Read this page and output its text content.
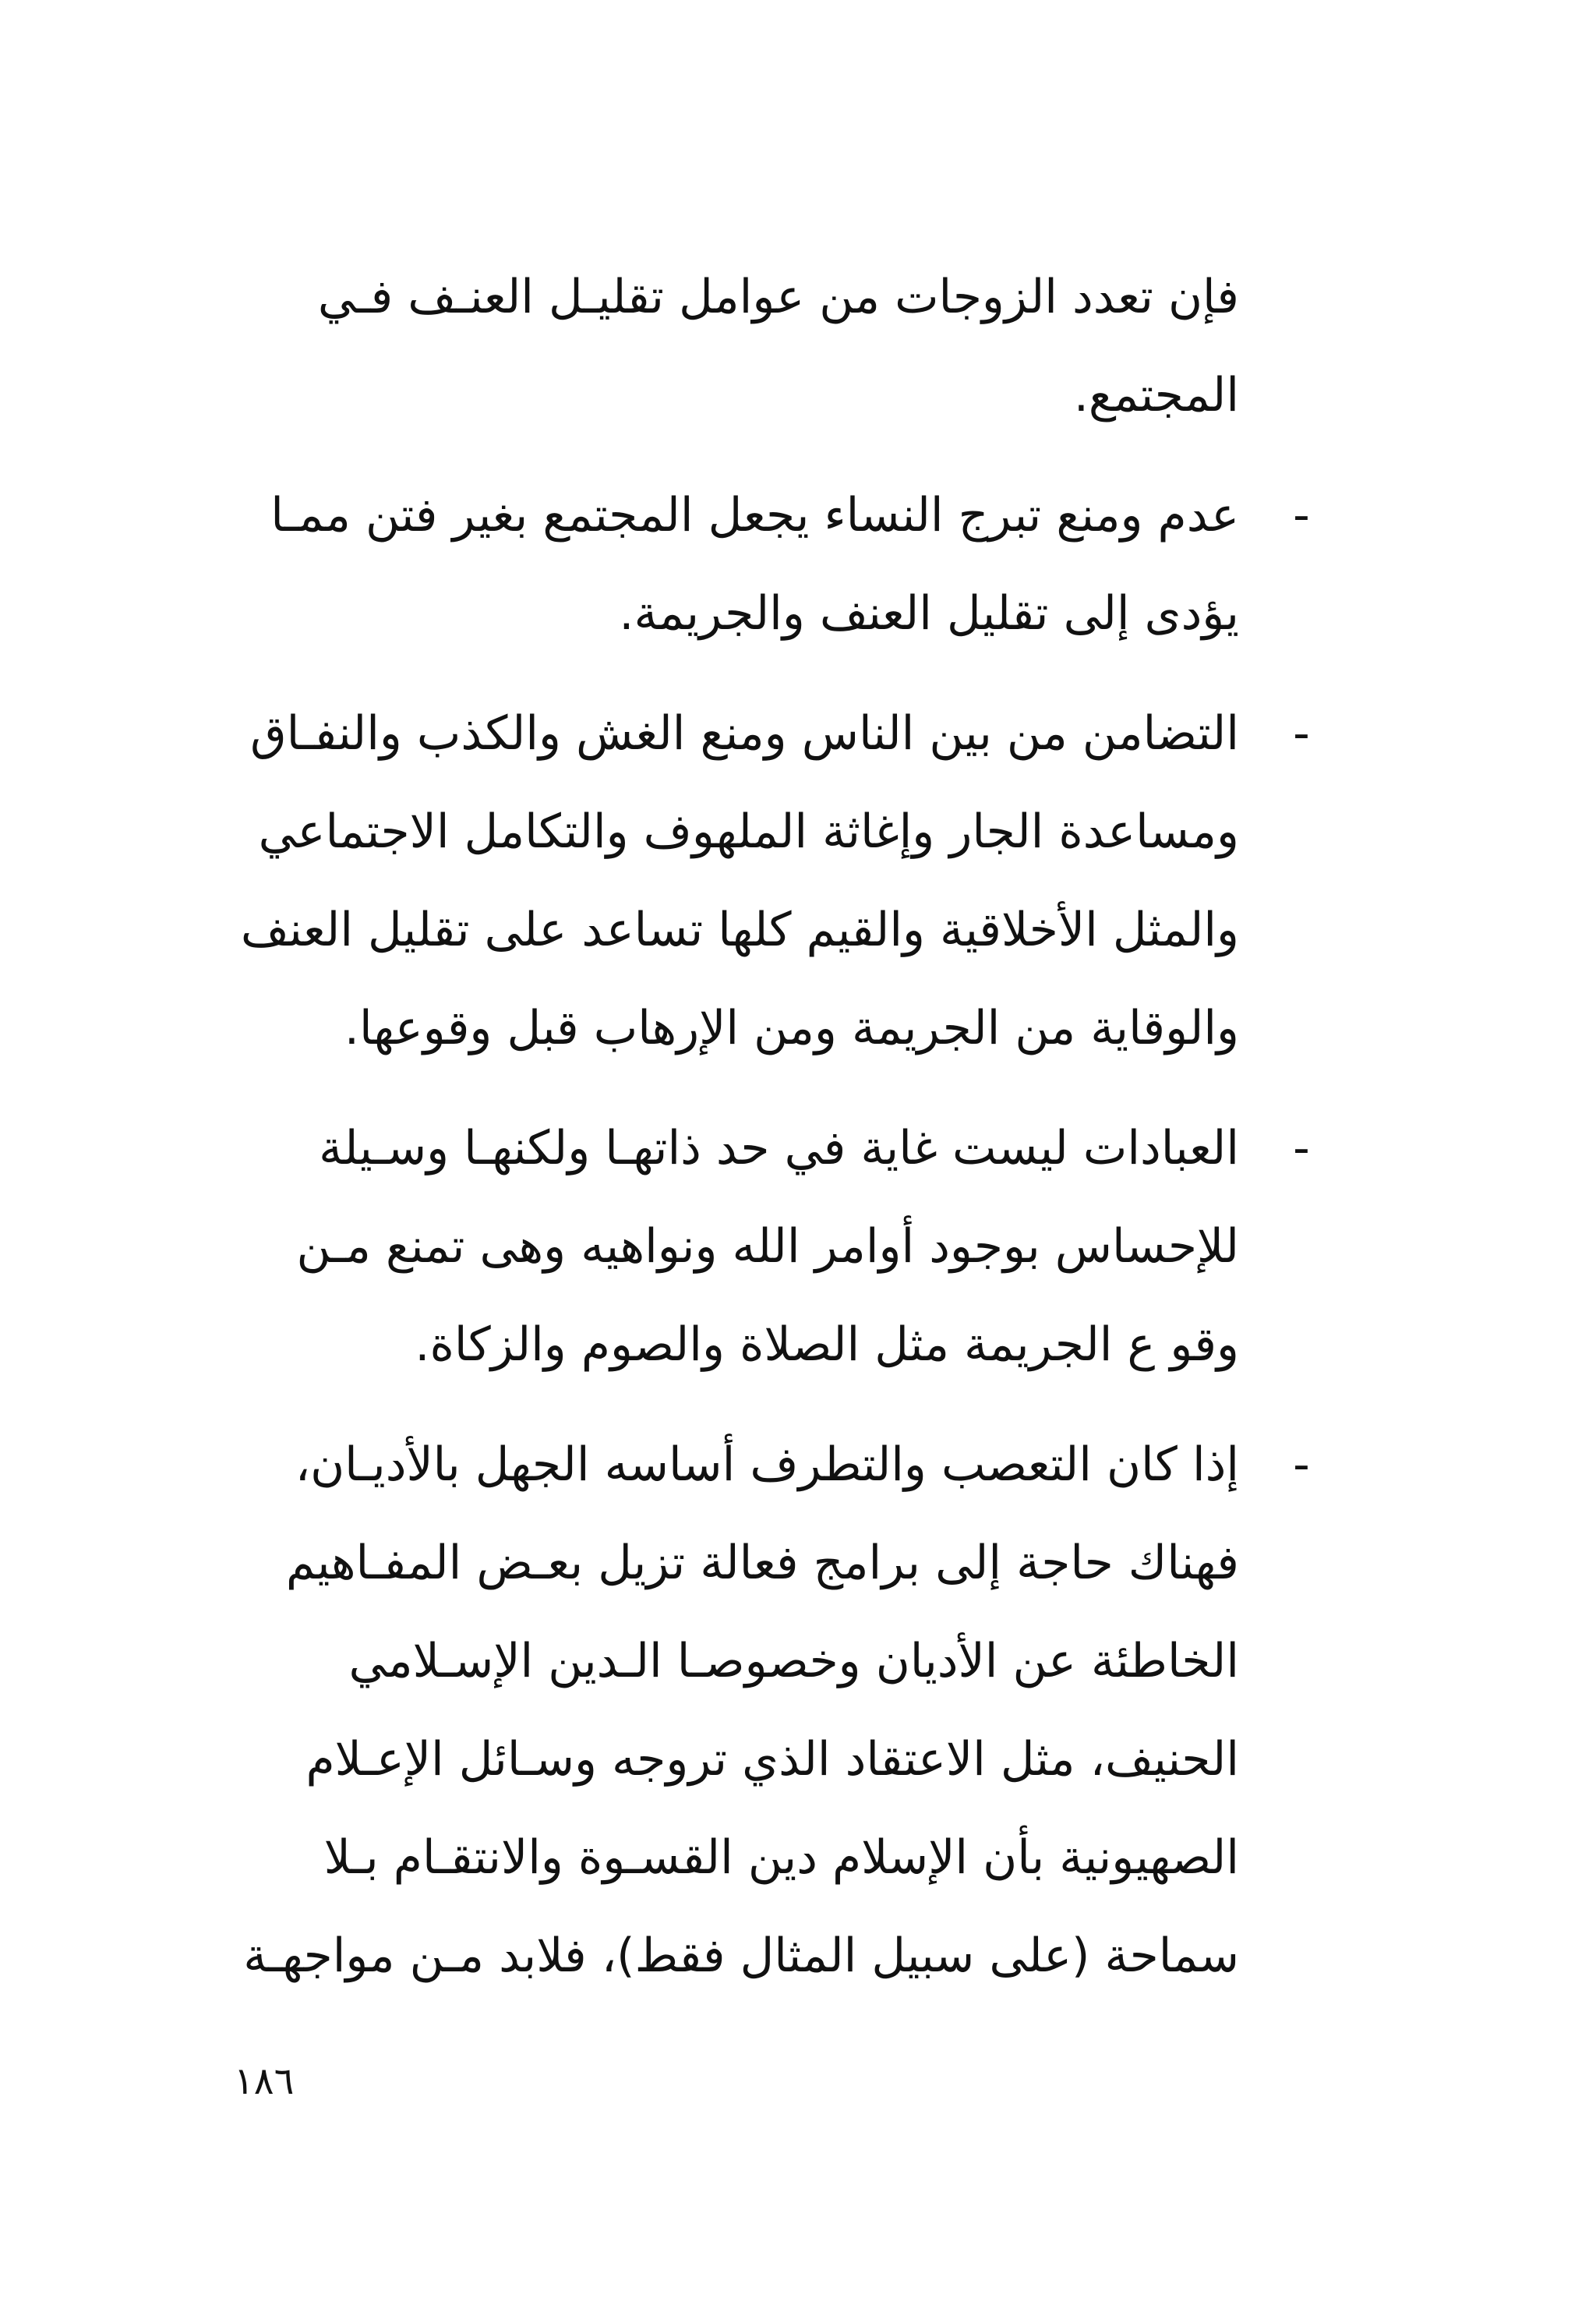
فإن تعدد الزوجات من عوامل تقليـل العنـف فـي
المجتمع.
-
عدم ومنع تبرج النساء يجعل المجتمع بغير فتن ممـا
يؤدى إلى تقليل العنف والجريمة.
-
التضامن من بين الناس ومنع الغش والكذب والنفـاق
ومساعدة الجار وإغاثة الملهوف والتكامل الاجتماعي
والمثل الأخلاقية والقيم كلها تساعد على تقليل العنف
والوقاية من الجريمة ومن الإرهاب قبل وقوعها.
-
العبادات ليست غاية في حد ذاتهـا ولكنهـا وسـيلة
للإحساس بوجود أوامر الله ونواهيه وهى تمنع مـن
وقو ع الجريمة مثل الصلاة والصوم والزكاة.
-
إذا كان التعصب والتطرف أساسه الجهل بالأديـان،
فهناك حاجة إلى برامج فعالة تزيل بعـض المفـاهيم
الخاطئة عن الأديان وخصوصـا الـدين الإسـلامي
الحنيف، مثل الاعتقاد الذي تروجه وسـائل الإعـلام
الصهيونية بأن الإسلام دين القسـوة والانتقـام بـلا
سماحة (على سبيل المثال فقط)، فلابد مـن مواجهـة
١٨٦
